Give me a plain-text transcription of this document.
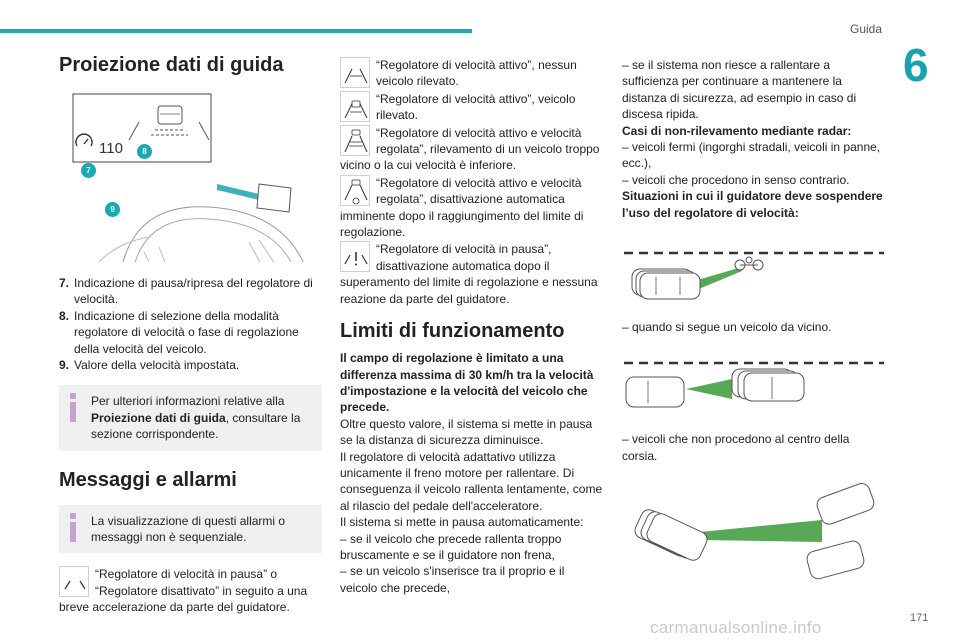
Guida
6
Proiezione dati di guida
110	8
7
9
7. Indicazione di pausa/ripresa del regolatore di velocità.
8. Indicazione di selezione della modalità regolatore di velocità o fase di regolazione della velocità del veicolo.
9. Valore della velocità impostata.
Per ulteriori informazioni relative alla Proiezione dati di guida, consultare la sezione corrispondente.
Messaggi e allarmi
La visualizzazione di questi allarmi o messaggi non è sequenziale.
“Regolatore di velocità in pausa” o “Regolatore disattivato” in seguito a una breve accelerazione da parte del guidatore.
“Regolatore di velocità attivo”, nessun veicolo rilevato.
“Regolatore di velocità attivo”, veicolo rilevato.
“Regolatore di velocità attivo e velocità regolata”, rilevamento di un veicolo troppo vicino o la cui velocità è inferiore.
“Regolatore di velocità attivo e velocità regolata”, disattivazione automatica imminente dopo il raggiungimento del limite di regolazione.
“Regolatore di velocità in pausa”, disattivazione automatica dopo il superamento del limite di regolazione e nessuna reazione da parte del guidatore.
Limiti di funzionamento
Il campo di regolazione è limitato a una differenza massima di 30 km/h tra la velocità d'impostazione e la velocità del veicolo che precede.
Oltre questo valore, il sistema si mette in pausa se la distanza di sicurezza diminuisce.
Il regolatore di velocità adattativo utilizza unicamente il freno motore per rallentare. Di conseguenza il veicolo rallenta lentamente, come al rilascio del pedale dell'acceleratore.
Il sistema si mette in pausa automaticamente:
– se il veicolo che precede rallenta troppo bruscamente e se il guidatore non frena,
– se un veicolo s'inserisce tra il proprio e il veicolo che precede,
– se il sistema non riesce a rallentare a sufficienza per continuare a mantenere la distanza di sicurezza, ad esempio in caso di discesa ripida.
Casi di non-rilevamento mediante radar:
– veicoli fermi (ingorghi stradali, veicoli in panne, ecc.),
– veicoli che procedono in senso contrario.
Situazioni in cui il guidatore deve sospendere l’uso del regolatore di velocità:
– quando si segue un veicolo da vicino.
– veicoli che non procedono al centro della corsia.
carmanualsonline.info	171
